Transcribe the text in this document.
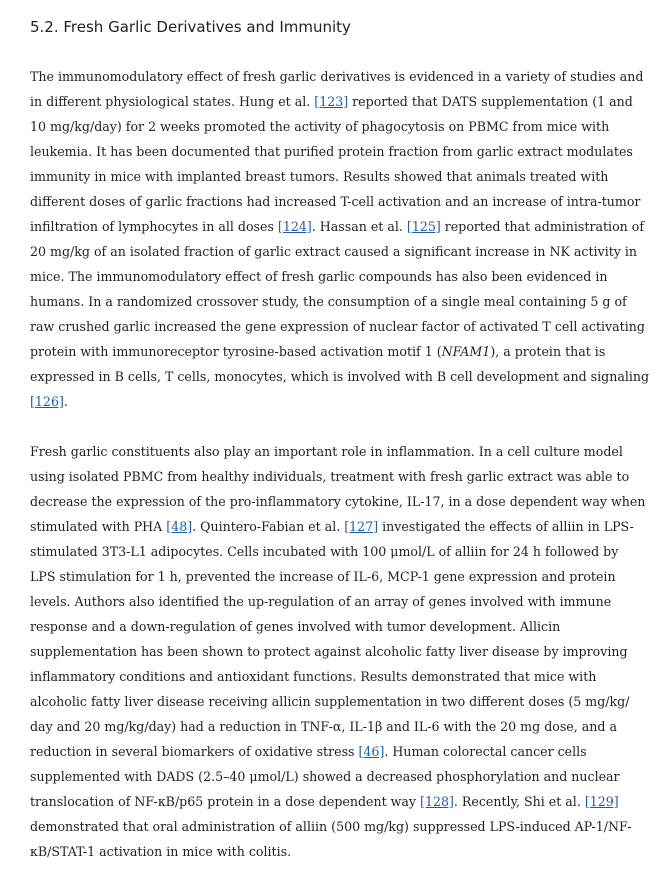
5.2. Fresh Garlic Derivatives and Immunity
The immunomodulatory effect of fresh garlic derivatives is evidenced in a variety of studies and
in different physiological states. Hung et al. [123] reported that DATS supplementation (1 and
10 mg/kg/day) for 2 weeks promoted the activity of phagocytosis on PBMC from mice with
leukemia. It has been documented that purified protein fraction from garlic extract modulates
immunity in mice with implanted breast tumors. Results showed that animals treated with
different doses of garlic fractions had increased T-cell activation and an increase of intra-tumor
infiltration of lymphocytes in all doses [124]. Hassan et al. [125] reported that administration of
20 mg/kg of an isolated fraction of garlic extract caused a significant increase in NK activity in
mice. The immunomodulatory effect of fresh garlic compounds has also been evidenced in
humans. In a randomized crossover study, the consumption of a single meal containing 5 g of
raw crushed garlic increased the gene expression of nuclear factor of activated T cell activating
protein with immunoreceptor tyrosine-based activation motif 1 (NFAM1), a protein that is
expressed in B cells, T cells, monocytes, which is involved with B cell development and signaling
[126].
Fresh garlic constituents also play an important role in inflammation. In a cell culture model
using isolated PBMC from healthy individuals, treatment with fresh garlic extract was able to
decrease the expression of the pro-inflammatory cytokine, IL-17, in a dose dependent way when
stimulated with PHA [48]. Quintero-Fabian et al. [127] investigated the effects of alliin in LPS-
stimulated 3T3-L1 adipocytes. Cells incubated with 100 μmol/L of alliin for 24 h followed by
LPS stimulation for 1 h, prevented the increase of IL-6, MCP-1 gene expression and protein
levels. Authors also identified the up-regulation of an array of genes involved with immune
response and a down-regulation of genes involved with tumor development. Allicin
supplementation has been shown to protect against alcoholic fatty liver disease by improving
inflammatory conditions and antioxidant functions. Results demonstrated that mice with
alcoholic fatty liver disease receiving allicin supplementation in two different doses (5 mg/kg/
day and 20 mg/kg/day) had a reduction in TNF-α, IL-1β and IL-6 with the 20 mg dose, and a
reduction in several biomarkers of oxidative stress [46]. Human colorectal cancer cells
supplemented with DADS (2.5–40 μmol/L) showed a decreased phosphorylation and nuclear
translocation of NF-κB/p65 protein in a dose dependent way [128]. Recently, Shi et al. [129]
demonstrated that oral administration of alliin (500 mg/kg) suppressed LPS-induced AP-1/NF-
κB/STAT-1 activation in mice with colitis.
